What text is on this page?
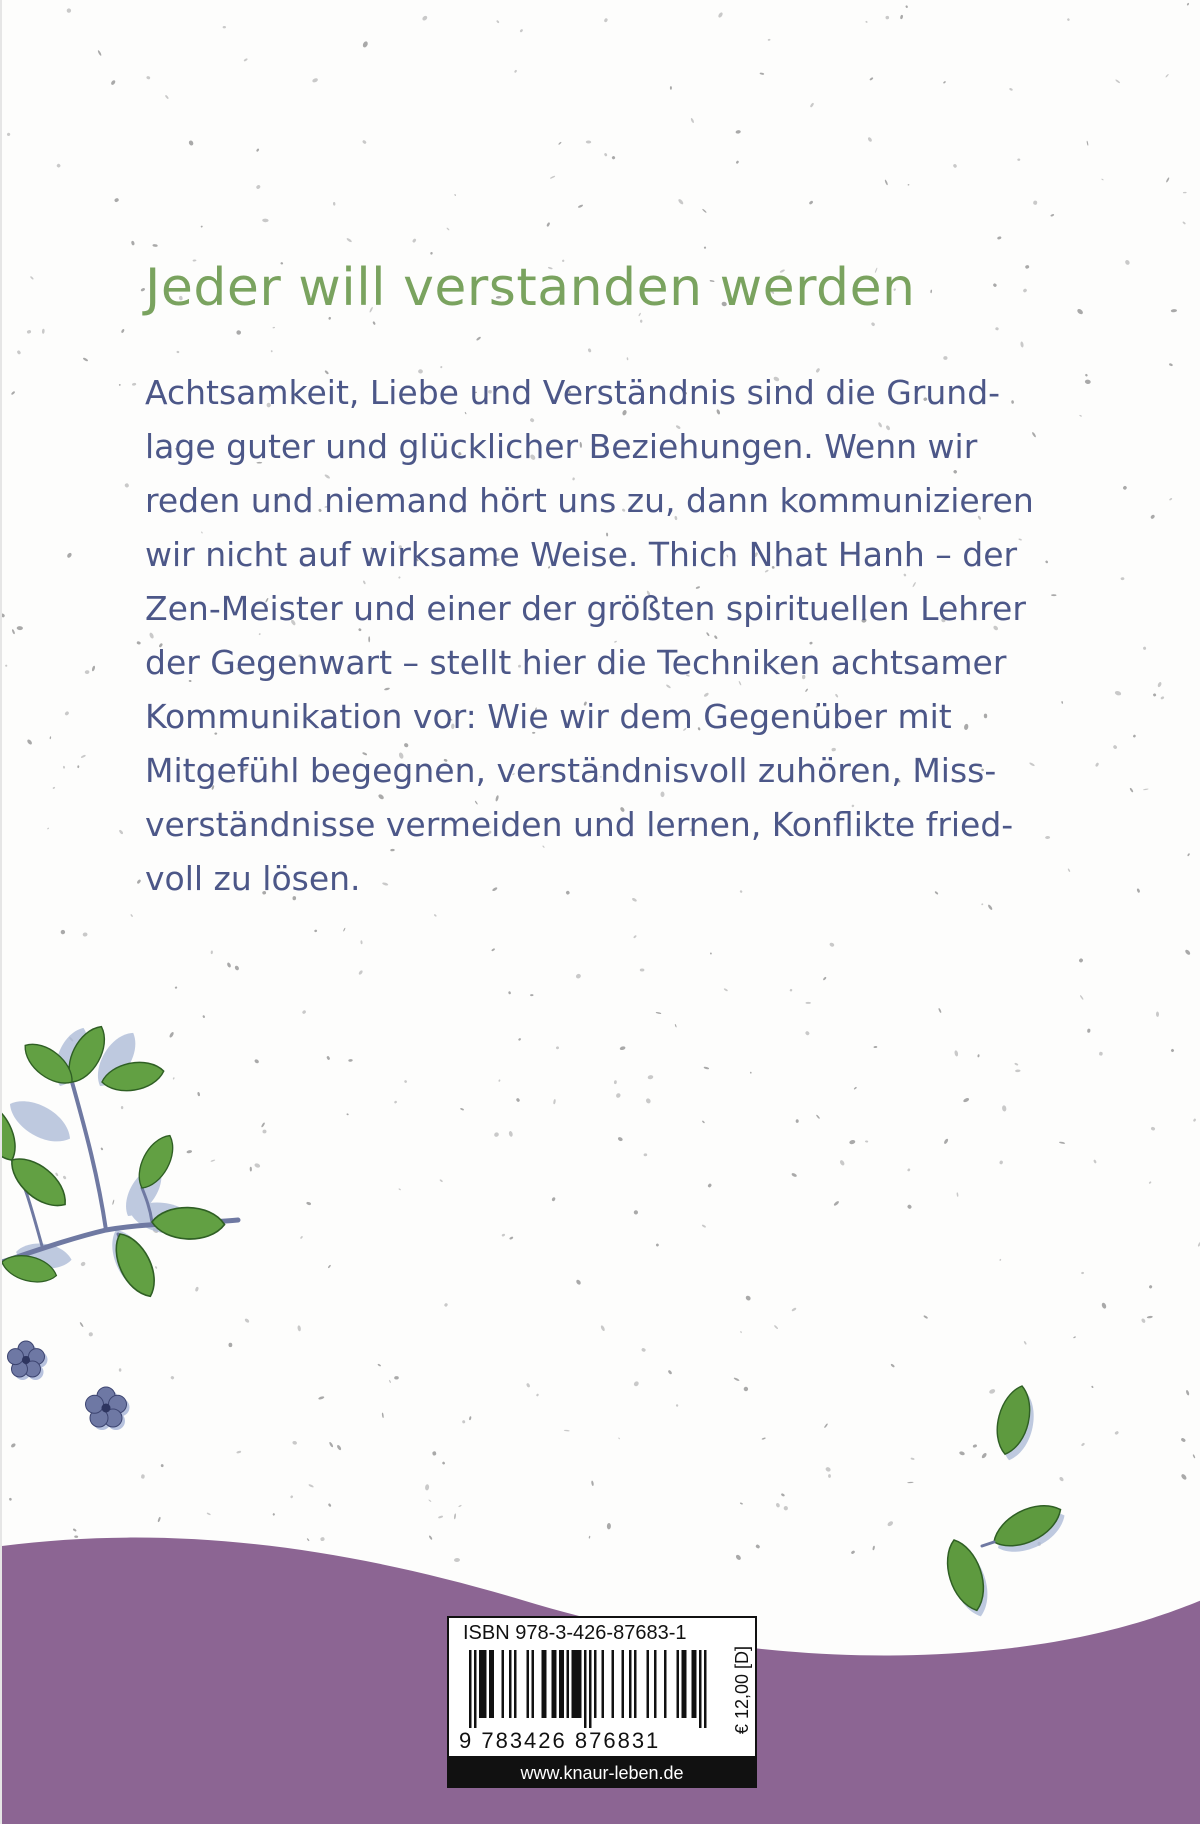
Jeder will verstanden werden
Achtsamkeit, Liebe und Verständnis sind die Grund-
lage guter und glücklicher Beziehungen. Wenn wir
reden und niemand hört uns zu, dann kommunizieren
wir nicht auf wirksame Weise. Thich Nhat Hanh – der
Zen-Meister und einer der größten spirituellen Lehrer
der Gegenwart – stellt hier die Techniken achtsamer
Kommunikation vor: Wie wir dem Gegenüber mit
Mitgefühl begegnen, verständnisvoll zuhören, Miss-
verständnisse vermeiden und lernen, Konflikte fried-
voll zu lösen.
ISBN 978-3-426-87683-1
9 783426 876831
€ 12,00 [D]
www.knaur-leben.de
